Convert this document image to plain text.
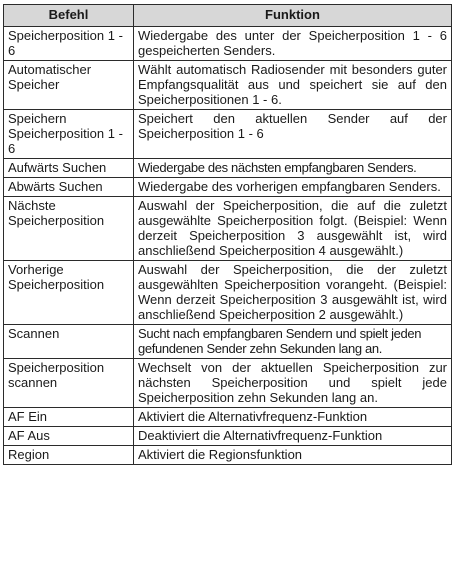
Befehl	Funktion
Speicherposition 1 - 6	Wiedergabe des unter der Speicherposition 1 - 6 gespeicherten Senders.
Automatischer Speicher	Wählt automatisch Radiosender mit besonders guter Empfangsqualität aus und speichert sie auf den Speicherpositionen 1 - 6.
Speichern Speicherposition 1 - 6	Speichert den aktuellen Sender auf der Speicherposition 1 - 6
Aufwärts Suchen	Wiedergabe des nächsten empfangbaren Senders.
Abwärts Suchen	Wiedergabe des vorherigen empfangbaren Senders.
Nächste Speicherposition	Auswahl der Speicherposition, die auf die zuletzt ausgewählte Speicherposition folgt. (Beispiel: Wenn derzeit Speicherposition 3 ausgewählt ist, wird anschließend Speicherposition 4 ausgewählt.)
Vorherige Speicherposition	Auswahl der Speicherposition, die der zuletzt ausgewählten Speicherposition vorangeht. (Beispiel: Wenn derzeit Speicherposition 3 ausgewählt ist, wird anschließend Speicherposition 2 ausgewählt.)
Scannen	Sucht nach empfangbaren Sendern und spielt jeden gefundenen Sender zehn Sekunden lang an.
Speicherposition scannen	Wechselt von der aktuellen Speicherposition zur nächsten Speicherposition und spielt jede Speicherposition zehn Sekunden lang an.
AF Ein	Aktiviert die Alternativfrequenz-Funktion
AF Aus	Deaktiviert die Alternativfrequenz-Funktion
Region	Aktiviert die Regionsfunktion
